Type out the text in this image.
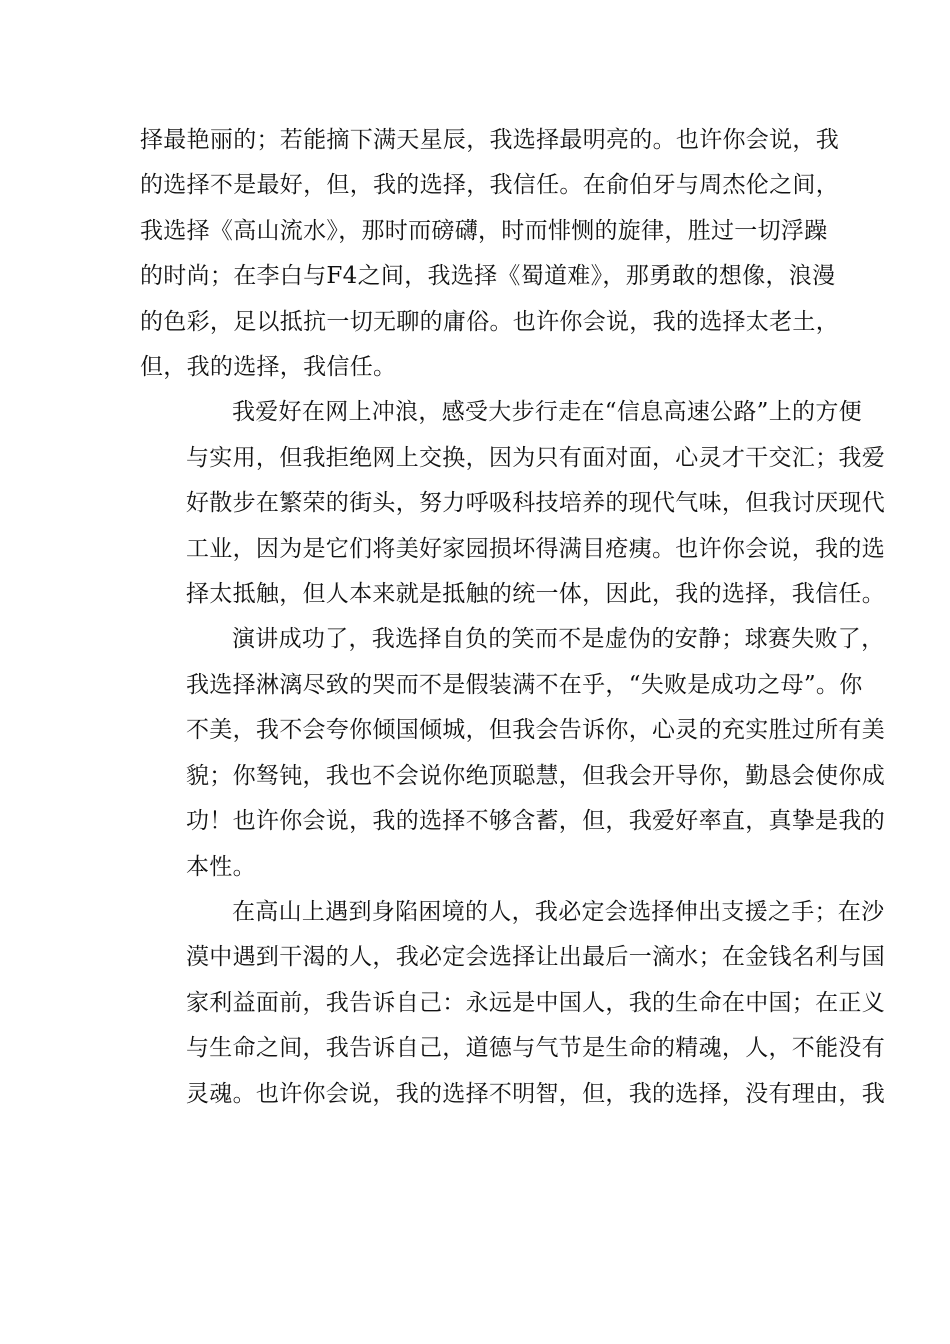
择最艳丽的；若能摘下满天星辰，我选择最明亮的。也许你会说，我
的选择不是最好，但，我的选择，我信任。在俞伯牙与周杰伦之间，
我选择《高山流水》，那时而磅礴，时而悱恻的旋律，胜过一切浮躁
的时尚；在李白与F4之间，我选择《蜀道难》，那勇敢的想像，浪漫
的色彩，足以抵抗一切无聊的庸俗。也许你会说，我的选择太老土，
但，我的选择，我信任。

我爱好在网上冲浪，感受大步行走在“信息高速公路”上的方便
与实用，但我拒绝网上交换，因为只有面对面，心灵才干交汇；我爱
好散步在繁荣的街头，努力呼吸科技培养的现代气味，但我讨厌现代
工业，因为是它们将美好家园损坏得满目疮痍。也许你会说，我的选
择太抵触，但人本来就是抵触的统一体，因此，我的选择，我信任。

演讲成功了，我选择自负的笑而不是虚伪的安静；球赛失败了，
我选择淋漓尽致的哭而不是假装满不在乎，“失败是成功之母”。你
不美，我不会夸你倾国倾城，但我会告诉你，心灵的充实胜过所有美
貌；你驽钝，我也不会说你绝顶聪慧，但我会开导你，勤恳会使你成
功！也许你会说，我的选择不够含蓄，但，我爱好率直，真挚是我的
本性。

在高山上遇到身陷困境的人，我必定会选择伸出支援之手；在沙
漠中遇到干渴的人，我必定会选择让出最后一滴水；在金钱名利与国
家利益面前，我告诉自己：永远是中国人，我的生命在中国；在正义
与生命之间，我告诉自己，道德与气节是生命的精魂，人，不能没有
灵魂。也许你会说，我的选择不明智，但，我的选择，没有理由，我
